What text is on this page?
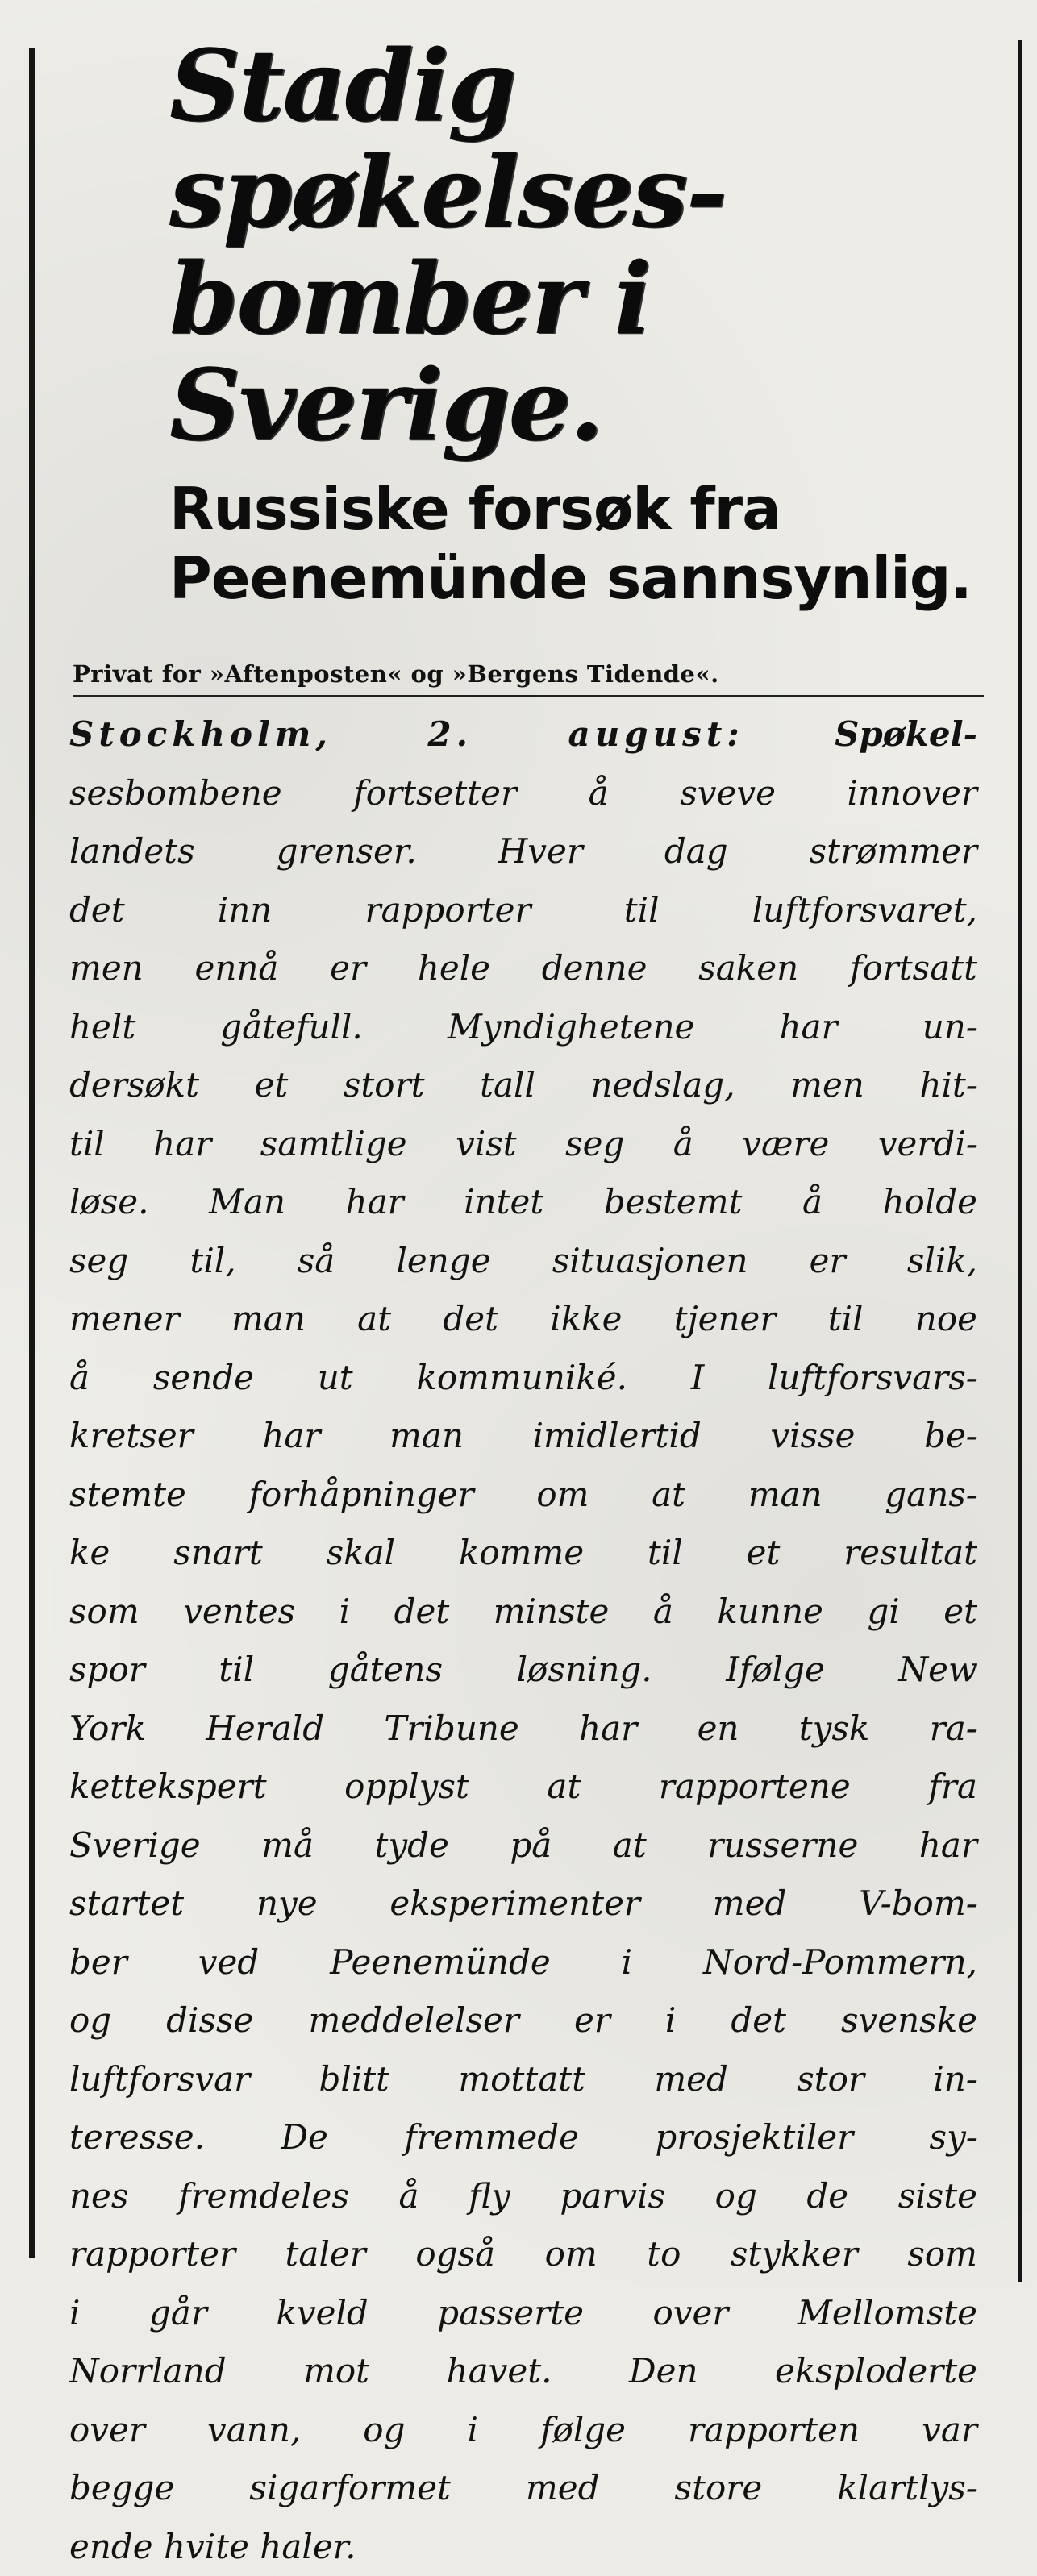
Stadig spøkelses-
bomber i Sverige.
Russiske forsøk fra
Peenemünde sannsynlig.
Privat for »Aftenposten« og »Bergens Tidende«.
Stockholm, 2. august: Spøkel-
sesbombene fortsetter å sveve innover
landets grenser. Hver dag strømmer
det inn rapporter til luftforsvaret,
men ennå er hele denne saken fortsatt
helt gåtefull. Myndighetene har un-
dersøkt et stort tall nedslag, men hit-
til har samtlige vist seg å være verdi-
løse. Man har intet bestemt å holde
seg til, så lenge situasjonen er slik,
mener man at det ikke tjener til noe
å sende ut kommuniké. I luftforsvars-
kretser har man imidlertid visse be-
stemte forhåpninger om at man gans-
ke snart skal komme til et resultat
som ventes i det minste å kunne gi et
spor til gåtens løsning. Ifølge New
York Herald Tribune har en tysk ra-
kettekspert opplyst at rapportene fra
Sverige må tyde på at russerne har
startet nye eksperimenter med V-bom-
ber ved Peenemünde i Nord-Pommern,
og disse meddelelser er i det svenske
luftforsvar blitt mottatt med stor in-
teresse. De fremmede prosjektiler sy-
nes fremdeles å fly parvis og de siste
rapporter taler også om to stykker som
i går kveld passerte over Mellomste
Norrland mot havet. Den eksploderte
over vann, og i følge rapporten var
begge sigarformet med store klartlys-
ende hvite haler.
